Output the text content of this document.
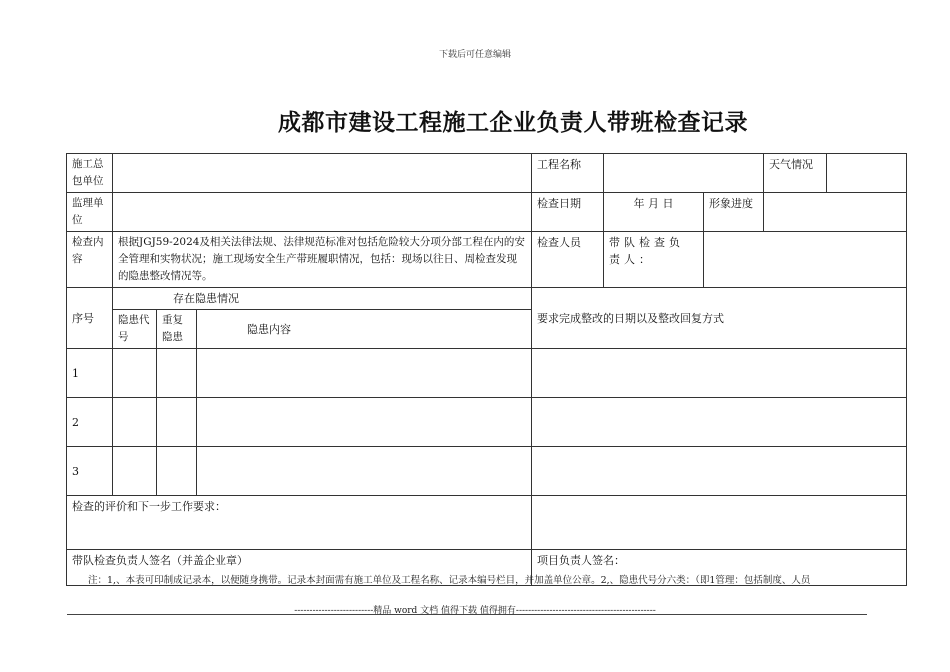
下载后可任意编辑
成都市建设工程施工企业负责人带班检查记录
施工总包单位				工程名称			天气情况	
监理单位				检查日期	年 月 日	形象进度		
检查内容	根据JGJ59-2024及相关法律法规、法律规范标准对包括危险较大分项分部工程在内的安全管理和实物状况；施工现场安全生产带班履职情况，包括：现场以往日、周检查发现的隐患整改情况等。			检查人员	带队检查负责人：			
序号	存在隐患情况			要求完成整改的日期以及整改回复方式				
	隐患代号	重复隐患	隐患内容					
1								
2								
3								
检查的评价和下一步工作要求：								
带队检查负责人签名（并盖企业章）				项目负责人签名：				
注：1,、本表可印制成记录本，以便随身携带。记录本封面需有施工单位及工程名称、记录本编号栏目，并加盖单位公章。2,、隐患代号分六类：（即1管理：包括制度、人员
--------------------------精品 word 文档 值得下载 值得拥有----------------------------------------------
